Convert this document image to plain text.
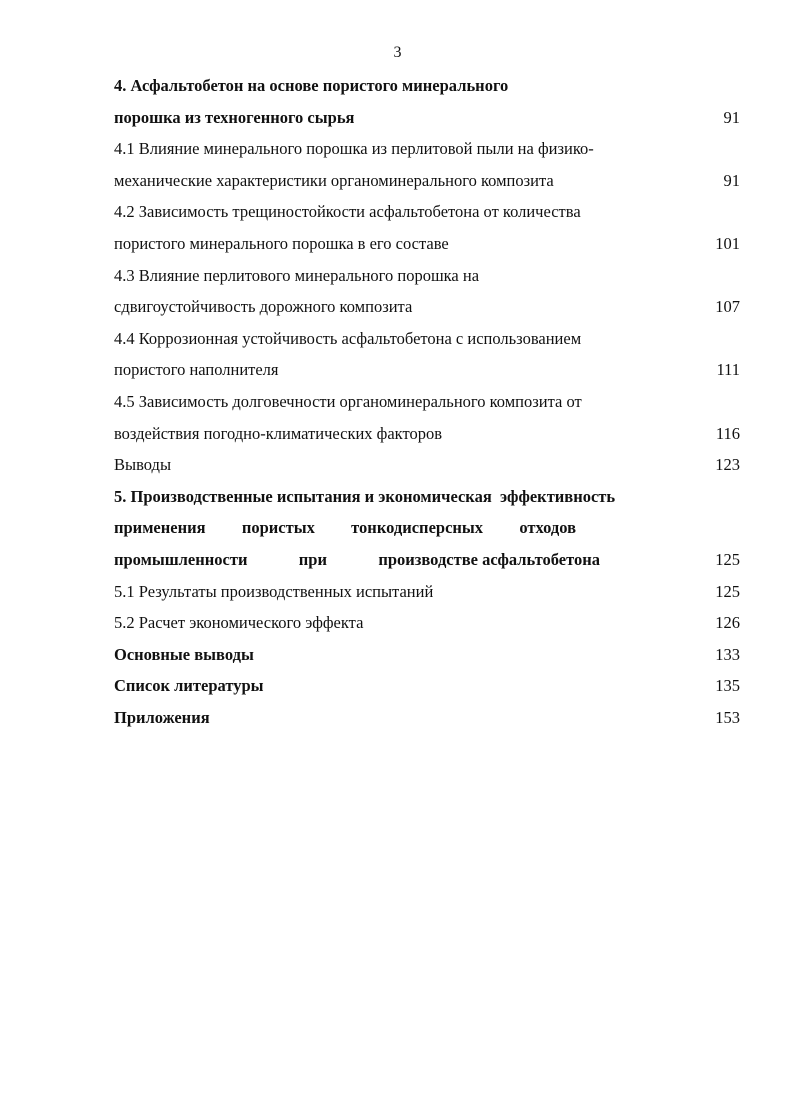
3
4. Асфальтобетон на основе пористого минерального
порошка из техногенного сырья	91
4.1 Влияние минерального порошка из перлитовой пыли на физико-
механические характеристики органоминерального композита	91
4.2 Зависимость трещиностойкости асфальтобетона от количества
пористого минерального порошка в его составе	101
4.3 Влияние перлитового минерального порошка на
сдвигоустойчивость дорожного композита	107
4.4 Коррозионная устойчивость асфальтобетона с использованием
пористого наполнителя	111
4.5 Зависимость долговечности органоминерального композита от
воздействия погодно-климатических факторов	116
Выводы	123
5. Производственные испытания и экономическая  эффективность
применения пористых тонкодисперсных отходов
промышленности	при	производстве асфальтобетона	125
5.1 Результаты производственных испытаний	125
5.2 Расчет экономического эффекта	126
Основные выводы	133
Список литературы	135
Приложения	153
